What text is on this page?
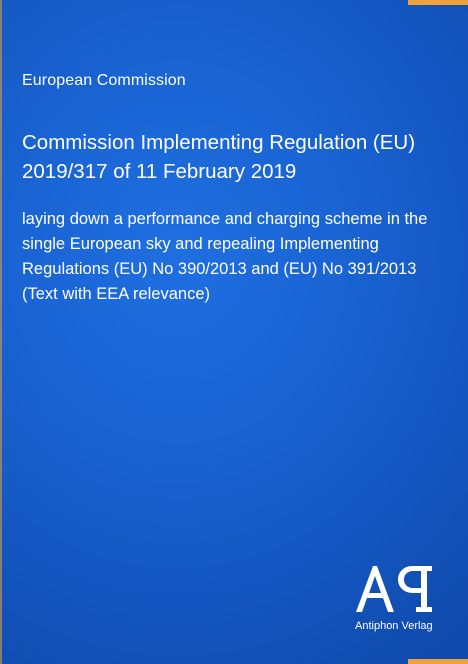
European Commission
Commission Implementing Regulation (EU)
2019/317 of 11 February 2019

laying down a performance and charging scheme in the
single European sky and repealing Implementing
Regulations (EU) No 390/2013 and (EU) No 391/2013
(Text with EEA relevance)

Antiphon Verlag
